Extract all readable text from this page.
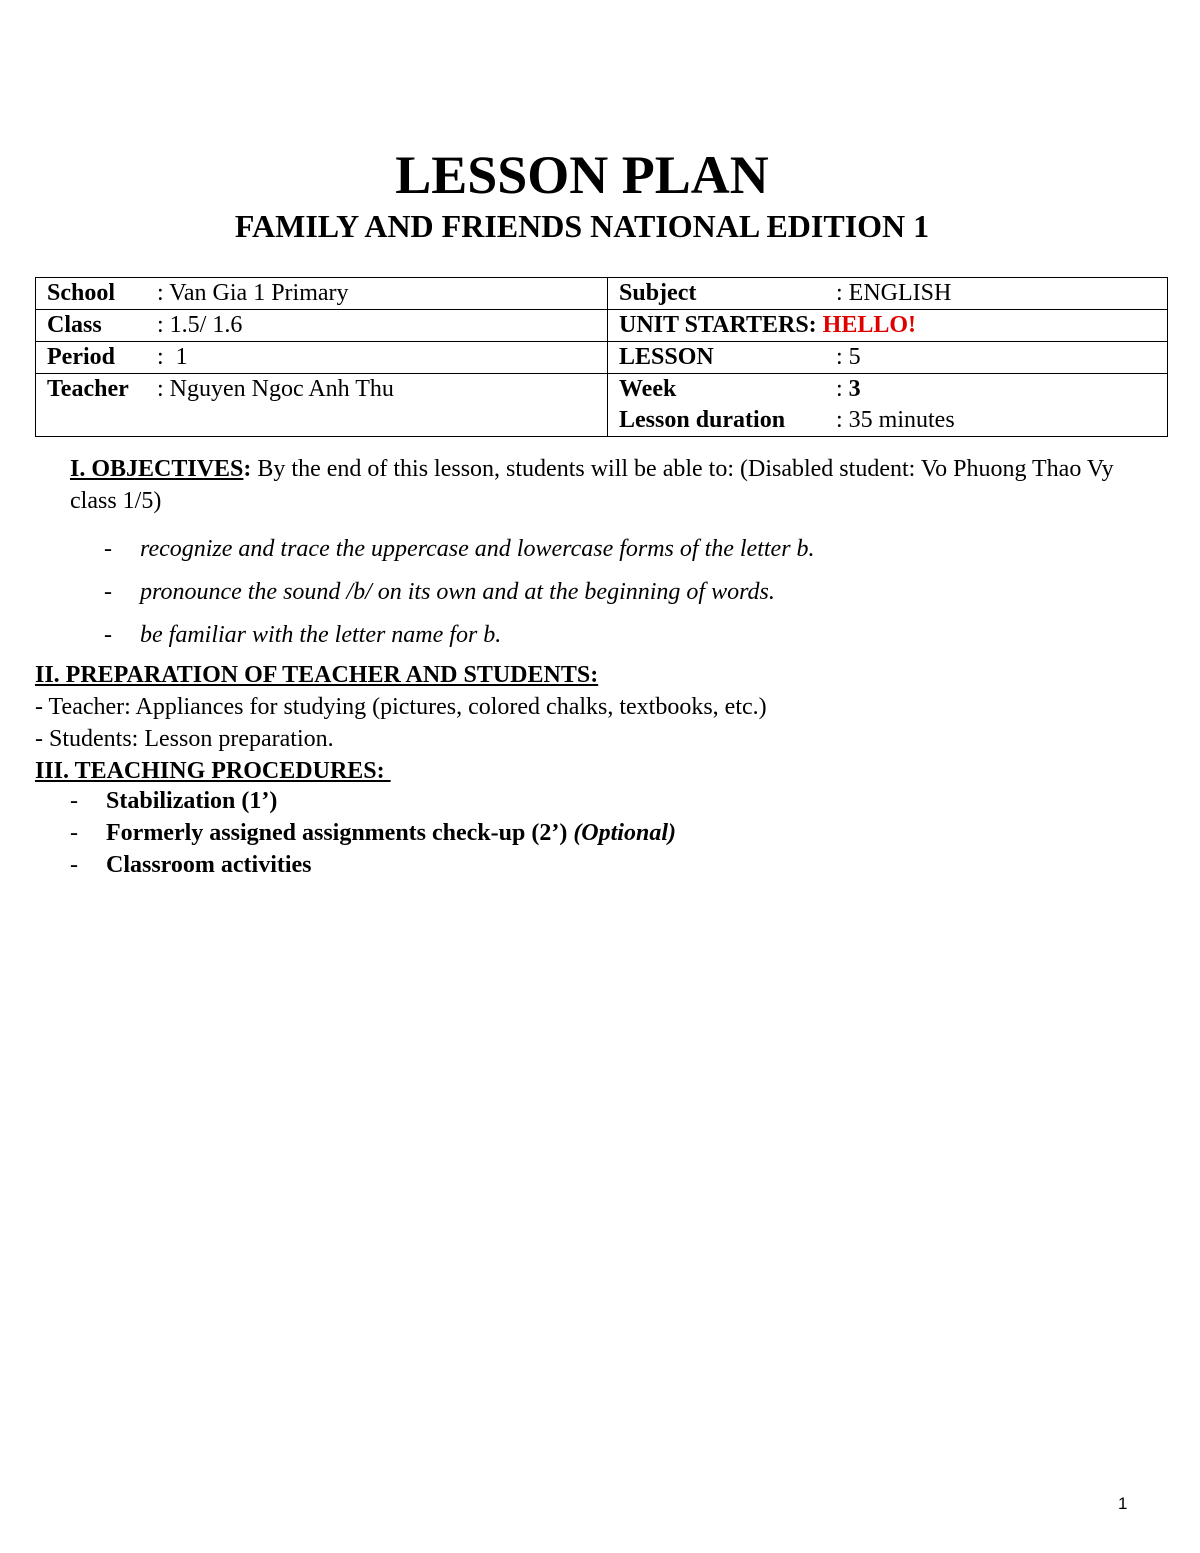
LESSON PLAN
FAMILY AND FRIENDS NATIONAL EDITION 1
School : Van Gia 1 Primary	Subject : ENGLISH
Class : 1.5/ 1.6	UNIT STARTERS: HELLO!
Period :  1	LESSON : 5
Teacher : Nguyen Ngoc Anh Thu	Week : 3
Lesson duration : 35 minutes
I. OBJECTIVES: By the end of this lesson, students will be able to: (Disabled student: Vo Phuong Thao Vy class 1/5)
- recognize and trace the uppercase and lowercase forms of the letter b.
- pronounce the sound /b/ on its own and at the beginning of words.
- be familiar with the letter name for b.
II. PREPARATION OF TEACHER AND STUDENTS:
- Teacher: Appliances for studying (pictures, colored chalks, textbooks, etc.)
- Students: Lesson preparation.
III. TEACHING PROCEDURES:
- Stabilization (1’)
- Formerly assigned assignments check-up (2’) (Optional)
- Classroom activities
1
